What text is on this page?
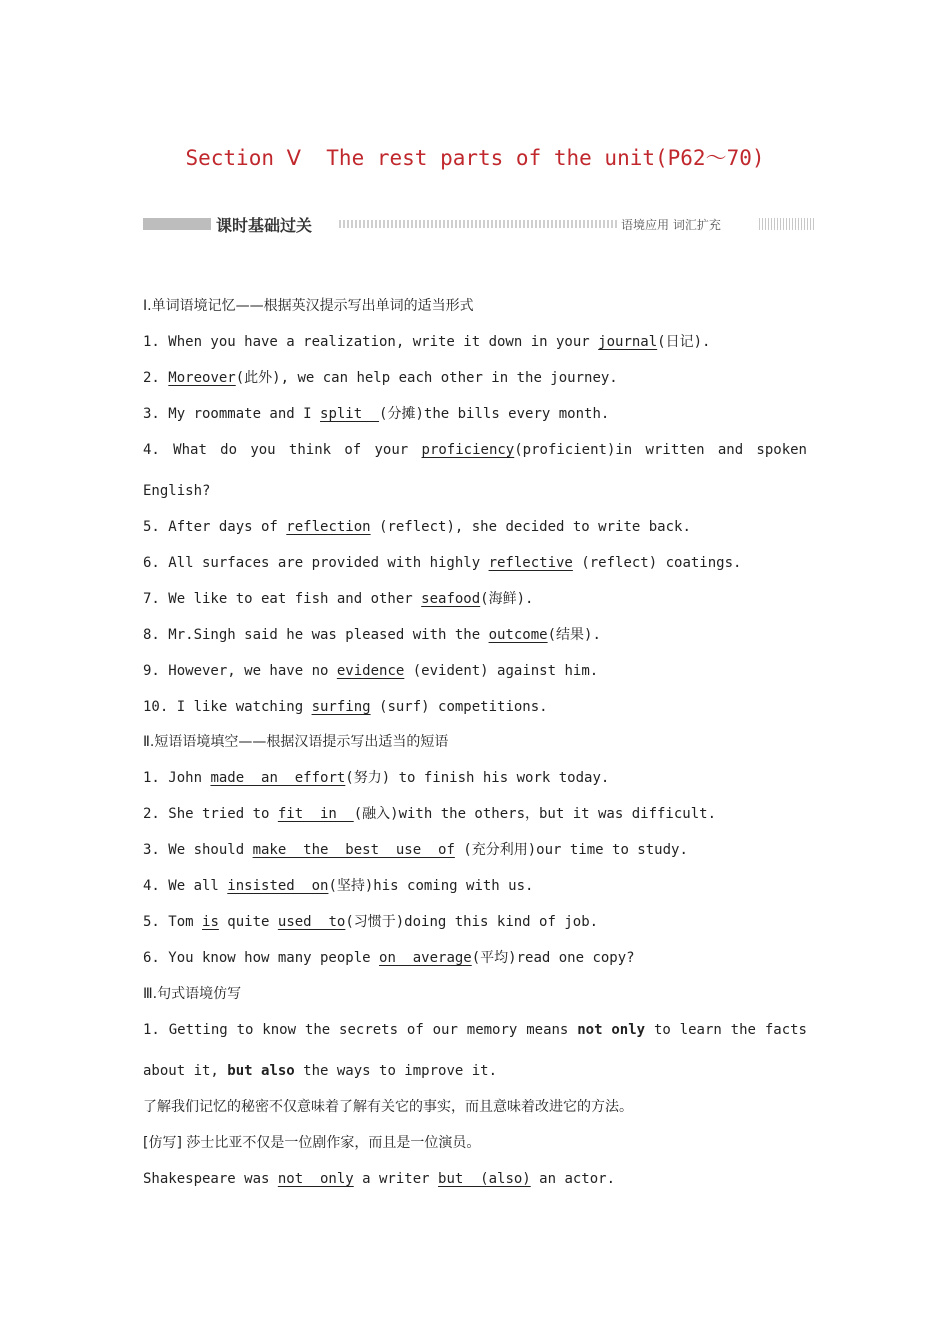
Section Ⅴ  The rest parts of the unit(P62～70)
课时基础过关	语境应用 词汇扩充
Ⅰ.单词语境记忆——根据英汉提示写出单词的适当形式
1. When you have a realization, write it down in your journal(日记).
2. Moreover(此外), we can help each other in the journey.
3. My roommate and I split  (分摊)the bills every month.
4. What do you think of your proficiency(proficient)in written and spoken
English?
5. After days of reflection (reflect), she decided to write back.
6. All surfaces are provided with highly reflective (reflect) coatings.
7. We like to eat fish and other seafood(海鲜).
8. Mr.Singh said he was pleased with the outcome(结果).
9. However, we have no evidence (evident) against him.
10. I like watching surfing (surf) competitions.
Ⅱ.短语语境填空——根据汉语提示写出适当的短语
1. John made  an  effort(努力) to finish his work today.
2. She tried to fit  in  (融入)with the others，but it was difficult.
3. We should make  the  best  use  of (充分利用)our time to study.
4. We all insisted  on(坚持)his coming with us.
5. Tom is quite used  to(习惯于)doing this kind of job.
6. You know how many people on  average(平均)read one copy?
Ⅲ.句式语境仿写
1. Getting to know the secrets of our memory means not only to learn the facts
about it, but also the ways to improve it.
了解我们记忆的秘密不仅意味着了解有关它的事实，而且意味着改进它的方法。
[仿写] 莎士比亚不仅是一位剧作家，而且是一位演员。
Shakespeare was not  only a writer but  (also) an actor.
